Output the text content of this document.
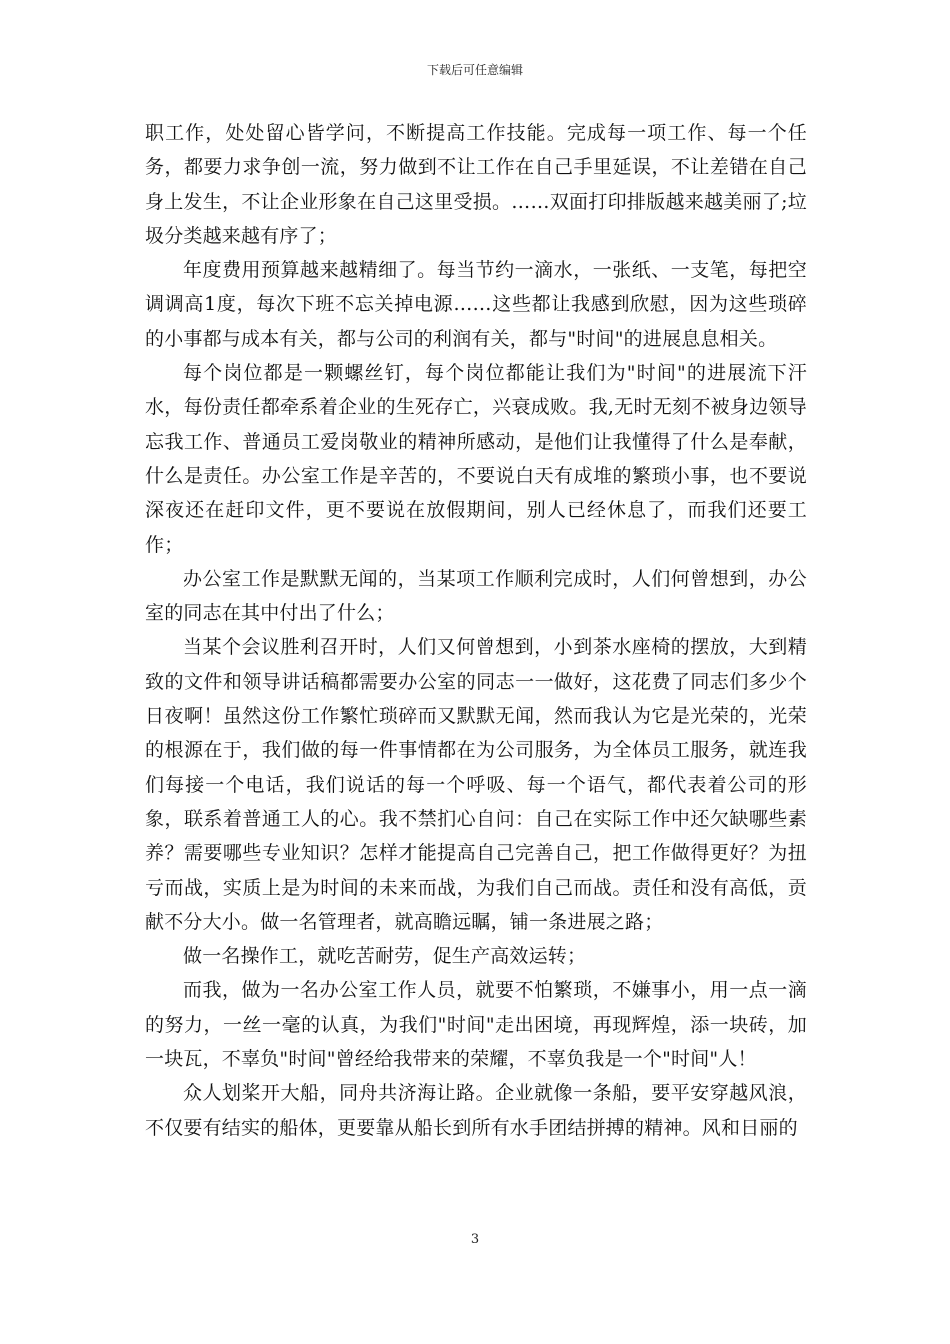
下载后可任意编辑

职工作，处处留心皆学问，不断提高工作技能。完成每一项工作、每一个任务，都要力求争创一流，努力做到不让工作在自己手里延误，不让差错在自己身上发生，不让企业形象在自己这里受损。……双面打印排版越来越美丽了;垃圾分类越来越有序了；

年度费用预算越来越精细了。每当节约一滴水，一张纸、一支笔，每把空调调高1度，每次下班不忘关掉电源……这些都让我感到欣慰，因为这些琐碎的小事都与成本有关，都与公司的利润有关，都与"时间"的进展息息相关。

每个岗位都是一颗螺丝钉，每个岗位都能让我们为"时间"的进展流下汗水，每份责任都牵系着企业的生死存亡，兴衰成败。我,无时无刻不被身边领导忘我工作、普通员工爱岗敬业的精神所感动，是他们让我懂得了什么是奉献，什么是责任。办公室工作是辛苦的，不要说白天有成堆的繁琐小事，也不要说深夜还在赶印文件，更不要说在放假期间，别人已经休息了，而我们还要工作；

办公室工作是默默无闻的，当某项工作顺利完成时，人们何曾想到，办公室的同志在其中付出了什么；

当某个会议胜利召开时，人们又何曾想到，小到茶水座椅的摆放，大到精致的文件和领导讲话稿都需要办公室的同志一一做好，这花费了同志们多少个日夜啊！虽然这份工作繁忙琐碎而又默默无闻，然而我认为它是光荣的，光荣的根源在于，我们做的每一件事情都在为公司服务，为全体员工服务，就连我们每接一个电话，我们说话的每一个呼吸、每一个语气，都代表着公司的形象，联系着普通工人的心。我不禁扪心自问：自己在实际工作中还欠缺哪些素养？需要哪些专业知识？怎样才能提高自己完善自己，把工作做得更好？为扭亏而战，实质上是为时间的未来而战，为我们自己而战。责任和没有高低，贡献不分大小。做一名管理者，就高瞻远瞩，铺一条进展之路；

做一名操作工，就吃苦耐劳，促生产高效运转；

而我，做为一名办公室工作人员，就要不怕繁琐，不嫌事小，用一点一滴的努力，一丝一毫的认真，为我们"时间"走出困境，再现辉煌，添一块砖，加一块瓦，不辜负"时间"曾经给我带来的荣耀，不辜负我是一个"时间"人！

众人划桨开大船，同舟共济海让路。企业就像一条船，要平安穿越风浪，不仅要有结实的船体，更要靠从船长到所有水手团结拼搏的精神。风和日丽的

3
